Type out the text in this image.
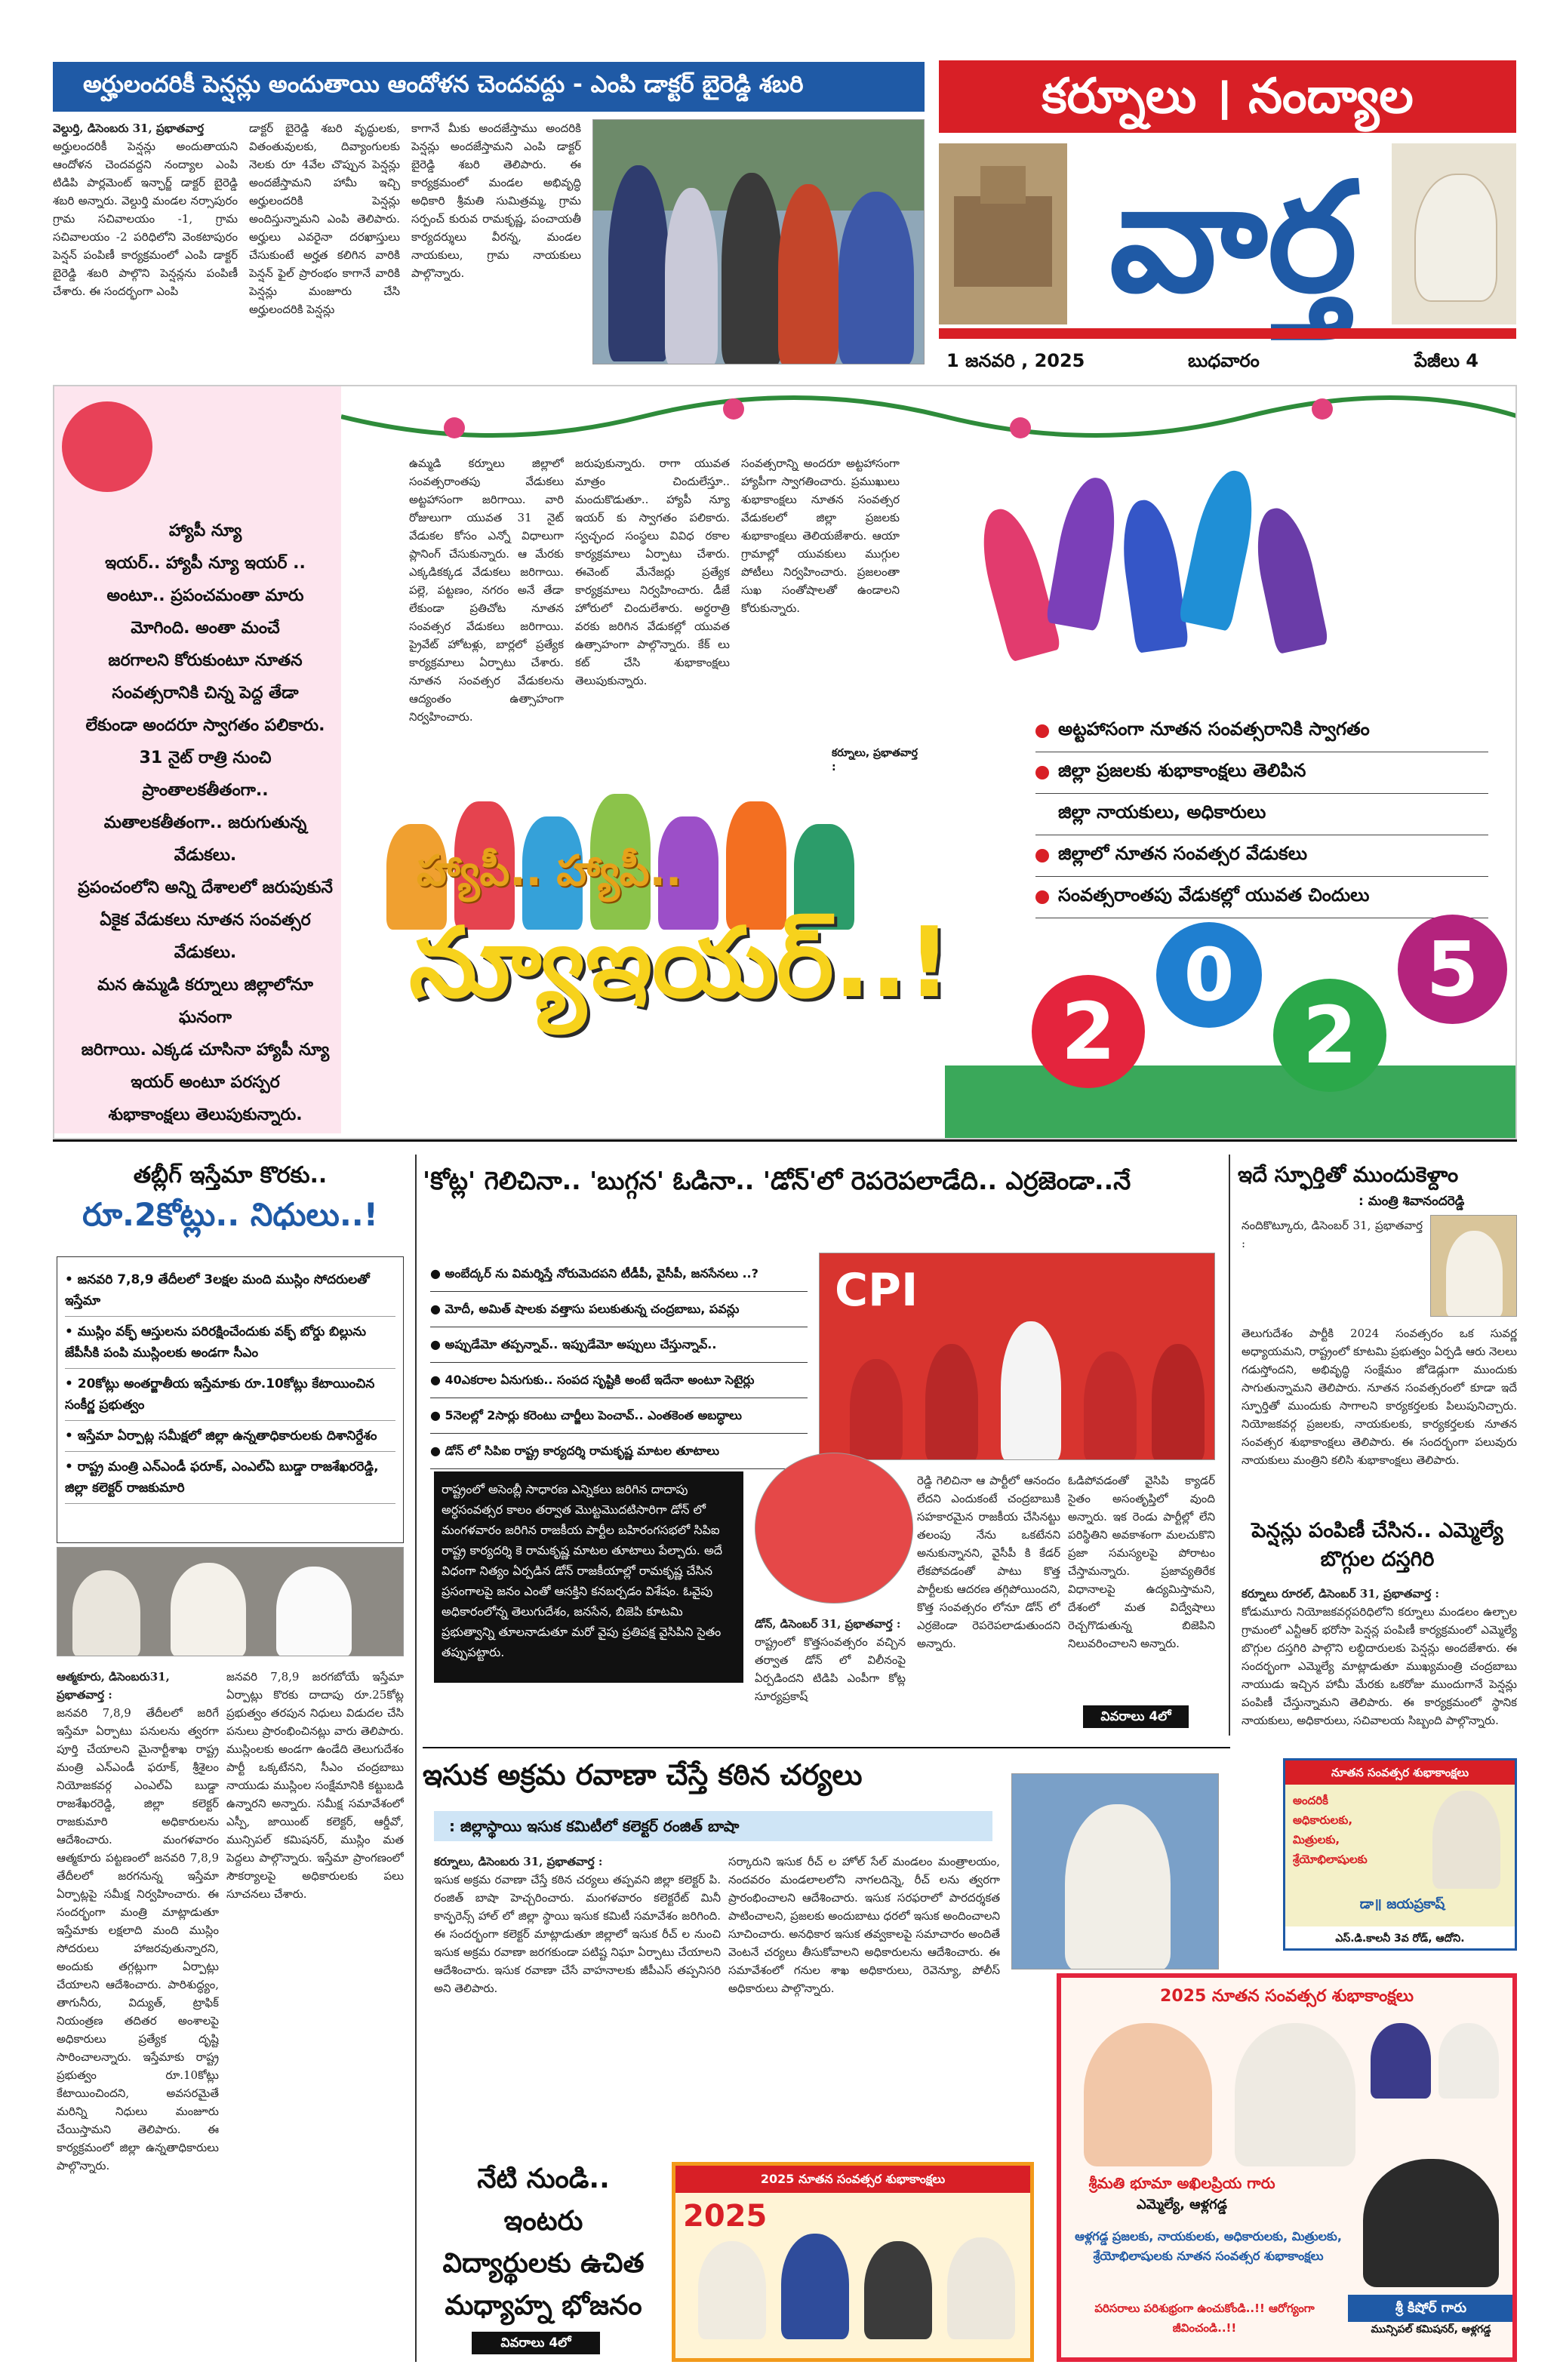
అర్హులందరికీ పెన్షన్లు అందుతాయి ఆందోళన చెందవద్దు - ఎంపి డాక్టర్ బైరెడ్డి శబరి
వెల్దుర్తి, డిసెంబరు 31, ప్రభాతవార్త
అర్హులందరికీ పెన్షన్లు అందుతాయని ఆందోళన చెందవద్దని నంద్యాల ఎంపి టిడిపి పార్లమెంట్ ఇన్ఛార్జ్ డాక్టర్ బైరెడ్డి శబరి అన్నారు. వెల్దుర్తి మండల నర్సాపురం గ్రామ సచివాలయం -1, గ్రామ సచివాలయం -2 పరిధిలోని వెంకటాపురం పెన్షన్ పంపిణీ కార్యక్రమంలో ఎంపి డాక్టర్ బైరెడ్డి శబరి పాల్గొని పెన్షన్లను పంపిణీ చేశారు. ఈ సందర్భంగా ఎంపి
డాక్టర్ బైరెడ్డి శబరి వృద్ధులకు, వితంతువులకు, దివ్యాంగులకు నెలకు రూ 4వేల చొప్పున పెన్షన్లు అందజేస్తామని హామీ ఇచ్చి అర్హులందరికి పెన్షన్లు అందిస్తున్నామని ఎంపి తెలిపారు. అర్హులు ఎవరైనా దరఖాస్తులు చేసుకుంటే అర్హత కలిగిన వారికి పెన్షన్ ఫైల్ ప్రారంభం కాగానే వారికి పెన్షన్లు మంజూరు చేసి అర్హులందరికి పెన్షన్లు
కాగానే మీకు అందజేస్తాము అందరికి పెన్షన్లు అందజేస్తామని ఎంపి డాక్టర్ బైరెడ్డి శబరి తెలిపారు. ఈ కార్యక్రమంలో మండల అభివృద్ధి అధికారి శ్రీమతి సుమిత్రమ్మ, గ్రామ సర్పంచ్ కురువ రామకృష్ణ, పంచాయతీ కార్యదర్శులు వీరన్న, మండల నాయకులు, గ్రామ నాయకులు పాల్గొన్నారు.
కర్నూలు । నంద్యాల
వార్త
1 జనవరి , 2025	బుధవారం	పేజీలు 4
హ్యాపీ న్యూ
ఇయర్.. హ్యాపీ న్యూ ఇయర్ ..
అంటూ.. ప్రపంచమంతా మారు
మోగింది. అంతా మంచే
జరగాలని కోరుకుంటూ నూతన
సంవత్సరానికి చిన్న పెద్ద తేడా
లేకుండా అందరూ స్వాగతం పలికారు.
31 నైట్ రాత్రి నుంచి ప్రాంతాలకతీతంగా..
మతాలకతీతంగా.. జరుగుతున్న వేడుకలు.
ప్రపంచంలోని అన్ని దేశాలలో జరుపుకునే
ఏకైక వేడుకలు నూతన సంవత్సర వేడుకలు.
మన ఉమ్మడి కర్నూలు జిల్లాలోనూ ఘనంగా
జరిగాయి. ఎక్కడ చూసినా హ్యాపీ న్యూ
ఇయర్ అంటూ పరస్పర
శుభాకాంక్షలు తెలుపుకున్నారు.
ఉమ్మడి కర్నూలు జిల్లాలో సంవత్సరాంతపు వేడుకలు అట్టహాసంగా జరిగాయి. వారి రోజులుగా యువత 31 నైట్ వేడుకల కోసం ఎన్నో విధాలుగా ప్లానింగ్ చేసుకున్నారు. ఆ మేరకు ఎక్కడికక్కడ వేడుకలు జరిగాయి. పల్లె, పట్టణం, నగరం అనే తేడా లేకుండా ప్రతిచోట నూతన సంవత్సర వేడుకలు జరిగాయి. ప్రైవేట్ హోటళ్లు, బార్లలో ప్రత్యేక కార్యక్రమాలు ఏర్పాటు చేశారు. నూతన సంవత్సర వేడుకలను ఆద్యంతం ఉత్సాహంగా నిర్వహించారు.
జరుపుకున్నారు. రాగా యువత మాత్రం చిందులేస్తూ.. మందుకొడుతూ.. హ్యాపీ న్యూ ఇయర్ కు స్వాగతం పలికారు. స్వచ్ఛంద సంస్థలు వివిధ రకాల కార్యక్రమాలు ఏర్పాటు చేశారు. ఈవెంట్ మేనేజర్లు ప్రత్యేక కార్యక్రమాలు నిర్వహించారు. డీజే హోరులో చిందులేశారు. అర్థరాత్రి వరకు జరిగిన వేడుకల్లో యువత ఉత్సాహంగా పాల్గొన్నారు. కేక్ లు కట్ చేసి శుభాకాంక్షలు తెలుపుకున్నారు.
సంవత్సరాన్ని అందరూ అట్టహాసంగా హ్యాపీగా స్వాగతించారు. ప్రముఖులు శుభాకాంక్షలు నూతన సంవత్సర వేడుకలలో జిల్లా ప్రజలకు శుభాకాంక్షలు తెలియజేశారు. ఆయా గ్రామాల్లో యువకులు ముగ్గుల పోటీలు నిర్వహించారు. ప్రజలంతా సుఖ సంతోషాలతో ఉండాలని కోరుకున్నారు.
కర్నూలు, ప్రభాతవార్త :
అట్టహాసంగా నూతన సంవత్సరానికి స్వాగతం
జిల్లా ప్రజలకు శుభాకాంక్షలు తెలిపిన
జిల్లా నాయకులు, అధికారులు
జిల్లాలో నూతన సంవత్సర వేడుకలు
సంవత్సరాంతపు వేడుకల్లో యువత చిందులు
హ్యాపీ.. హ్యాపీ..
న్యూఇయర్..!
2
0
2
5
తబ్లీగ్ ఇస్తేమా కొరకు..
రూ.2కోట్లు.. నిధులు..!
• జనవరి 7,8,9 తేదీలలో 3లక్షల మంది ముస్లిం సోదరులతో ఇస్తేమా
• ముస్లిం వక్ఫ్ ఆస్తులను పరిరక్షించేందుకు వక్ఫ్ బోర్డు బిల్లును జేపీసీకి పంపి ముస్లింలకు అండగా సీఎం
• 20కోట్లు అంతర్జాతీయ ఇస్తేమాకు రూ.10కోట్లు కేటాయించిన సంకీర్ణ ప్రభుత్వం
• ఇస్తేమా ఏర్పాట్ల సమీక్షలో జిల్లా ఉన్నతాధికారులకు దిశానిర్దేశం
• రాష్ట్ర మంత్రి ఎన్ఎండీ ఫరూక్, ఎంఎల్ఏ బుడ్డా రాజశేఖరరెడ్డి, జిల్లా కలెక్టర్ రాజకుమారి
ఆత్మకూరు, డిసెంబరు31, ప్రభాతవార్త :
జనవరి 7,8,9 తేదీలలో జరిగే ఇస్తేమా ఏర్పాటు పనులను త్వరగా పూర్తి చేయాలని మైనార్టీశాఖ రాష్ట్ర మంత్రి ఎన్ఎండీ ఫరూక్, శ్రీశైలం నియోజకవర్గ ఎంఎల్ఏ బుడ్డా రాజశేఖరరెడ్డి, జిల్లా కలెక్టర్ రాజకుమారి అధికారులను ఆదేశించారు. మంగళవారం ఆత్మకూరు పట్టణంలో జనవరి 7,8,9 తేదీలలో జరగనున్న ఇస్తేమా ఏర్పాట్లపై సమీక్ష నిర్వహించారు. ఈ సందర్భంగా మంత్రి మాట్లాడుతూ ఇస్తేమాకు లక్షలాది మంది ముస్లిం సోదరులు హాజరవుతున్నారని, అందుకు తగ్గట్లుగా ఏర్పాట్లు చేయాలని ఆదేశించారు. పారిశుద్ధ్యం, తాగునీరు, విద్యుత్, ట్రాఫిక్ నియంత్రణ తదితర అంశాలపై అధికారులు ప్రత్యేక దృష్టి సారించాలన్నారు. ఇస్తేమాకు రాష్ట్ర ప్రభుత్వం రూ.10కోట్లు కేటాయించిందని, అవసరమైతే మరిన్ని నిధులు మంజూరు చేయిస్తామని తెలిపారు. ఈ కార్యక్రమంలో జిల్లా ఉన్నతాధికారులు పాల్గొన్నారు.
జనవరి 7,8,9 జరగబోయే ఇస్తేమా ఏర్పాట్లు కొరకు దాదాపు రూ.25కోట్ల ప్రభుత్వం తరపున నిధులు విడుదల చేసి పనులు ప్రారంభించినట్లు వారు తెలిపారు. ముస్లింలకు అండగా ఉండేది తెలుగుదేశం పార్టీ ఒక్కటేనని, సీఎం చంద్రబాబు నాయుడు ముస్లింల సంక్షేమానికి కట్టుబడి ఉన్నారని అన్నారు. సమీక్ష సమావేశంలో ఎస్పీ, జాయింట్ కలెక్టర్, ఆర్డీవో, మున్సిపల్ కమిషనర్, ముస్లిం మత పెద్దలు పాల్గొన్నారు. ఇస్తేమా ప్రాంగణంలో సౌకర్యాలపై అధికారులకు పలు సూచనలు చేశారు.
'కోట్ల' గెలిచినా.. 'బుగ్గన' ఓడినా.. 'డోన్'లో రెపరెపలాడేది.. ఎర్రజెండా..నే
● అంబేద్కర్ ను విమర్శిస్తే నోరుమెదపని టీడీపీ, వైసీపీ, జనసేనలు ..?
● మోదీ, అమిత్ షాలకు వత్తాసు పలుకుతున్న చంద్రబాబు, పవన్లు
● అప్పుడేమో తప్పన్నావ్.. ఇప్పుడేమో అప్పులు చేస్తున్నావ్..
● 40ఎకరాల ఏనుగుకు.. సంపద సృష్టికి అంటే ఇదేనా అంటూ సెటైర్లు
● 5నెలల్లో 2సార్లు కరెంటు చార్జీలు పెంచావ్.. ఎంతకెంత అబద్ధాలు
● డోన్ లో సిపిఐ రాష్ట్ర కార్యదర్శి రామకృష్ణ మాటల తూటాలు
CPI
రాష్ట్రంలో అసెంబ్లీ సాధారణ ఎన్నికలు జరిగిన దాదాపు అర్ధసంవత్సర కాలం తర్వాత మొట్టమొదటిసారిగా డోన్ లో మంగళవారం జరిగిన రాజకీయ పార్టీల బహిరంగసభలో సిపిఐ రాష్ట్ర కార్యదర్శి కె రామకృష్ణ మాటల తూటాలు పేల్చారు. అదే విధంగా నిత్యం ఏర్పడిన డోన్ రాజకీయాల్లో రామకృష్ణ చేసిన ప్రసంగాలపై జనం ఎంతో ఆసక్తిని కనబర్చడం విశేషం. ఓవైపు అధికారంలోన్న తెలుగుదేశం, జనసేన, బిజెపి కూటమి ప్రభుత్వాన్ని తూలనాడుతూ మరో వైపు ప్రతిపక్ష వైసిపిని సైతం తప్పుపట్టారు.
డోన్, డిసెంబర్ 31, ప్రభాతవార్త :
రాష్ట్రంలో కొత్తసంవత్సరం వచ్చిన తర్వాత డోన్ లో విలీనంపై ఏర్పడిందని టిడిపి ఎంపీగా కోట్ల సూర్యప్రకాష్
రెడ్డి గెలిచినా ఆ పార్టీలో ఆనందం లేదని ఎందుకంటే చంద్రబాబుకి సహకారమైన రాజకీయ చేసినట్టు తలంపు నేను ఒకటేనని అనుకున్నానని, వైసీపీ కి కేడర్ లేకపోవడంతో పాటు కొత్త పార్టీలకు ఆదరణ తగ్గిపోయిందని, కొత్త సంవత్సరం లోనూ డోన్ లో ఎర్రజెండా రెపరెపలాడుతుందని అన్నారు.
ఓడిపోవడంతో వైసిపి క్యాడర్ సైతం అసంతృప్తిలో వుంది అన్నారు. ఇక రెండు పార్టీల్లో లేని పరిస్థితిని అవకాశంగా మలచుకొని ప్రజా సమస్యలపై పోరాటం చేస్తామన్నారు. ప్రజావ్యతిరేక విధానాలపై ఉద్యమిస్తామని, దేశంలో మత విద్వేషాలు రెచ్చగొడుతున్న బిజెపిని నిలువరించాలని అన్నారు.
వివరాలు 4లో
ఇదే స్ఫూర్తితో ముందుకెళ్దాం
: మంత్రి శివానందరెడ్డి
నందికొట్కూరు, డిసెంబర్ 31, ప్రభాతవార్త :
తెలుగుదేశం పార్టీకి 2024 సంవత్సరం ఒక సువర్ణ అధ్యాయమని, రాష్ట్రంలో కూటమి ప్రభుత్వం ఏర్పడి ఆరు నెలలు గడుస్తోందని, అభివృద్ధి సంక్షేమం జోడెడ్లుగా ముందుకు సాగుతున్నామని తెలిపారు. నూతన సంవత్సరంలో కూడా ఇదే స్ఫూర్తితో ముందుకు సాగాలని కార్యకర్తలకు పిలుపునిచ్చారు. నియోజకవర్గ ప్రజలకు, నాయకులకు, కార్యకర్తలకు నూతన సంవత్సర శుభాకాంక్షలు తెలిపారు. ఈ సందర్భంగా పలువురు నాయకులు మంత్రిని కలిసి శుభాకాంక్షలు తెలిపారు.
పెన్షన్లు పంపిణీ చేసిన.. ఎమ్మెల్యే బొగ్గుల దస్తగిరి
కర్నూలు రూరల్, డిసెంబర్ 31, ప్రభాతవార్త :
కోడుమూరు నియోజకవర్గపరిధిలోని కర్నూలు మండలం ఉల్చాల గ్రామంలో ఎన్టీఆర్ భరోసా పెన్షన్ల పంపిణీ కార్యక్రమంలో ఎమ్మెల్యే బొగ్గుల దస్తగిరి పాల్గొని లబ్ధిదారులకు పెన్షన్లు అందజేశారు. ఈ సందర్భంగా ఎమ్మెల్యే మాట్లాడుతూ ముఖ్యమంత్రి చంద్రబాబు నాయుడు ఇచ్చిన హామీ మేరకు ఒకరోజు ముందుగానే పెన్షన్లు పంపిణీ చేస్తున్నామని తెలిపారు. ఈ కార్యక్రమంలో స్థానిక నాయకులు, అధికారులు, సచివాలయ సిబ్బంది పాల్గొన్నారు.
ఇసుక అక్రమ రవాణా చేస్తే కఠిన చర్యలు
: జిల్లాస్థాయి ఇసుక కమిటీలో కలెక్టర్ రంజిత్ బాషా
కర్నూలు, డిసెంబరు 31, ప్రభాతవార్త :
ఇసుక అక్రమ రవాణా చేస్తే కఠిన చర్యలు తప్పవని జిల్లా కలెక్టర్ పి. రంజిత్ బాషా హెచ్చరించారు. మంగళవారం కలెక్టరేట్ మినీ కాన్ఫరెన్స్ హాల్ లో జిల్లా స్థాయి ఇసుక కమిటీ సమావేశం జరిగింది. ఈ సందర్భంగా కలెక్టర్ మాట్లాడుతూ జిల్లాలో ఇసుక రీచ్ ల నుంచి ఇసుక అక్రమ రవాణా జరగకుండా పటిష్ట నిఘా ఏర్పాటు చేయాలని ఆదేశించారు. ఇసుక రవాణా చేసే వాహనాలకు జీపీఎస్ తప్పనిసరి అని తెలిపారు.
సర్కారుని ఇసుక రీచ్ ల హోల్ సేల్ మండలం మంత్రాలయం, నందవరం మండలాలలోని నాగలదిన్నె, రీచ్ లను త్వరగా ప్రారంభించాలని ఆదేశించారు. ఇసుక సరఫరాలో పారదర్శకత పాటించాలని, ప్రజలకు అందుబాటు ధరలో ఇసుక అందించాలని సూచించారు. అనధికార ఇసుక తవ్వకాలపై సమాచారం అందితే వెంటనే చర్యలు తీసుకోవాలని అధికారులను ఆదేశించారు. ఈ సమావేశంలో గనుల శాఖ అధికారులు, రెవెన్యూ, పోలీస్ అధికారులు పాల్గొన్నారు.
నేటి నుండి..
ఇంటరు
విద్యార్థులకు ఉచిత
మధ్యాహ్న భోజనం
వివరాలు 4లో
నూతన సంవత్సర శుభాకాంక్షలు
అందరికీ
అధికారులకు,
మిత్రులకు,
శ్రేయోభిలాషులకు
డా॥ జయప్రకాష్
ఎస్.డి.కాలనీ 3వ రోడ్, ఆదోని.
2025 నూతన సంవత్సర శుభాకాంక్షలు
శ్రీమతి భూమా అఖిలప్రియ గారు
ఎమ్మెల్యే, ఆళ్లగడ్డ
ఆళ్లగడ్డ ప్రజలకు, నాయకులకు, అధికారులకు, మిత్రులకు, శ్రేయోభిలాషులకు నూతన సంవత్సర శుభాకాంక్షలు
శ్రీ కిషోర్ గారు
మున్సిపల్ కమిషనర్, ఆళ్లగడ్డ
పరిసరాలు పరిశుభ్రంగా ఉంచుకోండి..!! ఆరోగ్యంగా జీవించండి..!!
2025 నూతన సంవత్సర శుభాకాంక్షలు
2025
